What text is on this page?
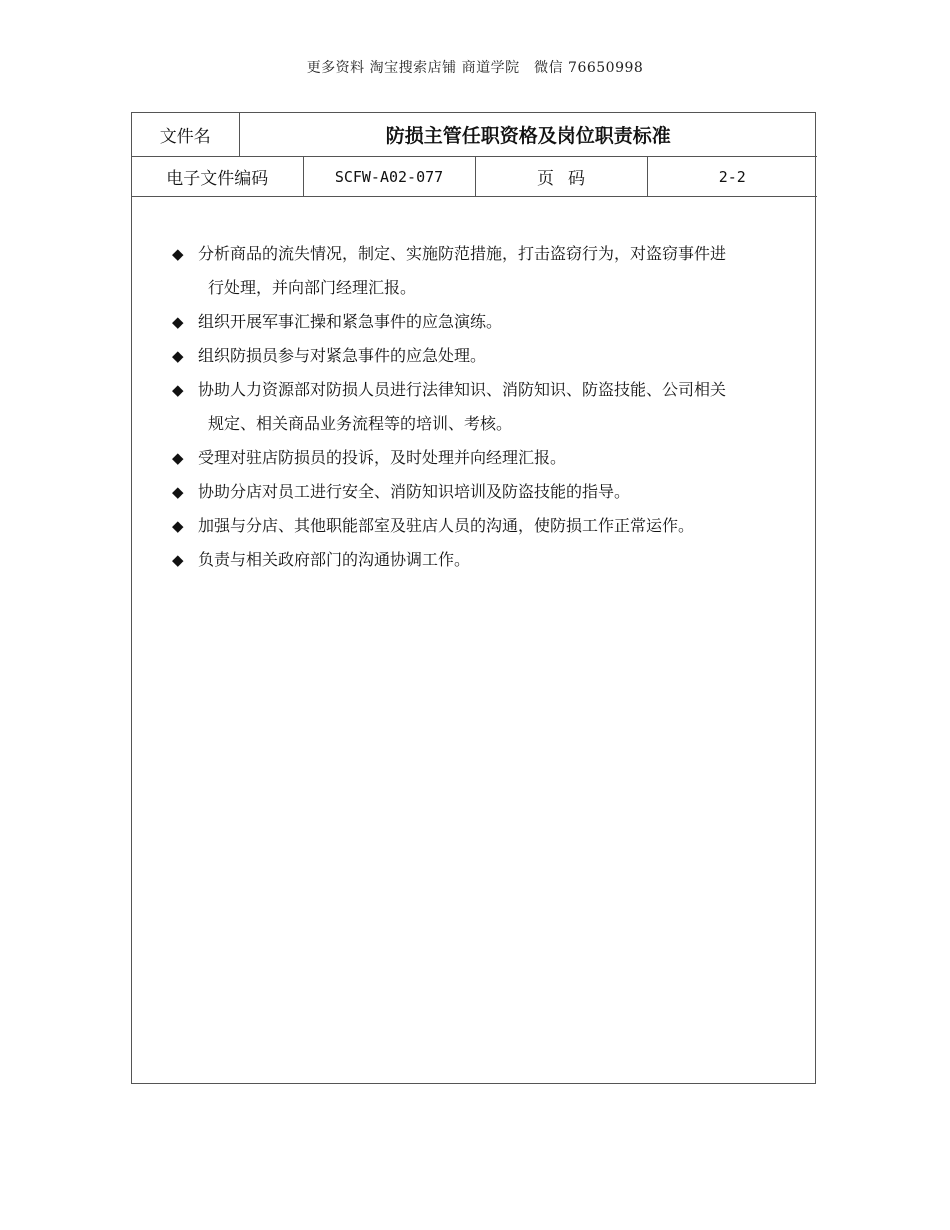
更多资料 淘宝搜索店铺 商道学院　微信 76650998
文件名	防损主管任职资格及岗位职责标准			
电子文件编码		SCFW-A02-077	页码	2-2
◆ 分析商品的流失情况，制定、实施防范措施，打击盗窃行为，对盗窃事件进
行处理，并向部门经理汇报。
◆ 组织开展军事汇操和紧急事件的应急演练。
◆ 组织防损员参与对紧急事件的应急处理。
◆ 协助人力资源部对防损人员进行法律知识、消防知识、防盗技能、公司相关
规定、相关商品业务流程等的培训、考核。
◆ 受理对驻店防损员的投诉，及时处理并向经理汇报。
◆ 协助分店对员工进行安全、消防知识培训及防盗技能的指导。
◆ 加强与分店、其他职能部室及驻店人员的沟通，使防损工作正常运作。
◆ 负责与相关政府部门的沟通协调工作。
